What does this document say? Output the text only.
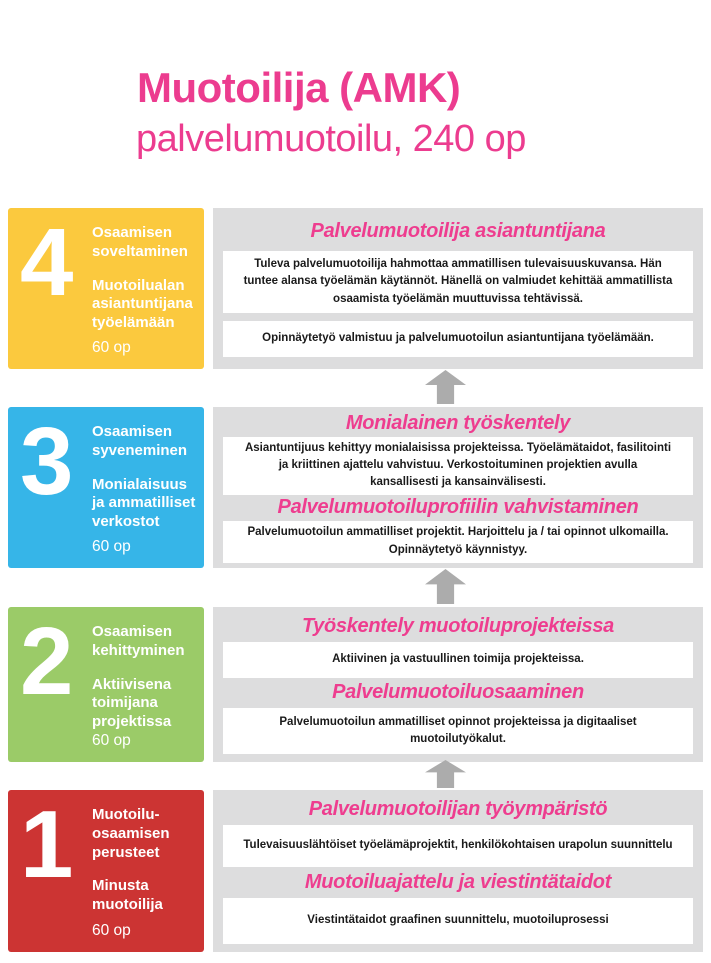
Muotoilija (AMK)
palvelumuotoilu, 240 op
4	Osaamisen soveltaminen
Muotoilualan asiantuntijana työelämään
60 op
Palvelumuotoilija asiantuntijana
Tuleva palvelumuotoilija hahmottaa ammatillisen tulevaisuuskuvansa. Hän tuntee alansa työelämän käytännöt. Hänellä on valmiudet kehittää ammatillista osaamista työelämän muuttuvissa tehtävissä.
Opinnäytetyö valmistuu ja palvelumuotoilun asiantuntijana työelämään.
3	Osaamisen syveneminen
Monialaisuus ja ammatilliset verkostot
60 op
Monialainen työskentely
Asiantuntijuus kehittyy monialaisissa projekteissa. Työelämätaidot, fasilitointi ja kriittinen ajattelu vahvistuu. Verkostoituminen projektien avulla kansallisesti ja kansainvälisesti.
Palvelumuotoiluprofiilin vahvistaminen
Palvelumuotoilun ammatilliset projektit. Harjoittelu ja / tai opinnot ulkomailla. Opinnäytetyö käynnistyy.
2	Osaamisen kehittyminen
Aktiivisena toimijana projektissa
60 op
Työskentely muotoiluprojekteissa
Aktiivinen ja vastuullinen toimija projekteissa.
Palvelumuotoiluosaaminen
Palvelumuotoilun ammatilliset opinnot projekteissa ja digitaaliset muotoilutyökalut.
1	Muotoilu-osaamisen perusteet
Minusta muotoilija
60 op
Palvelumuotoilijan työympäristö
Tulevaisuuslähtöiset työelämäprojektit, henkilökohtaisen urapolun suunnittelu
Muotoiluajattelu ja viestintätaidot
Viestintätaidot graafinen suunnittelu, muotoiluprosessi
